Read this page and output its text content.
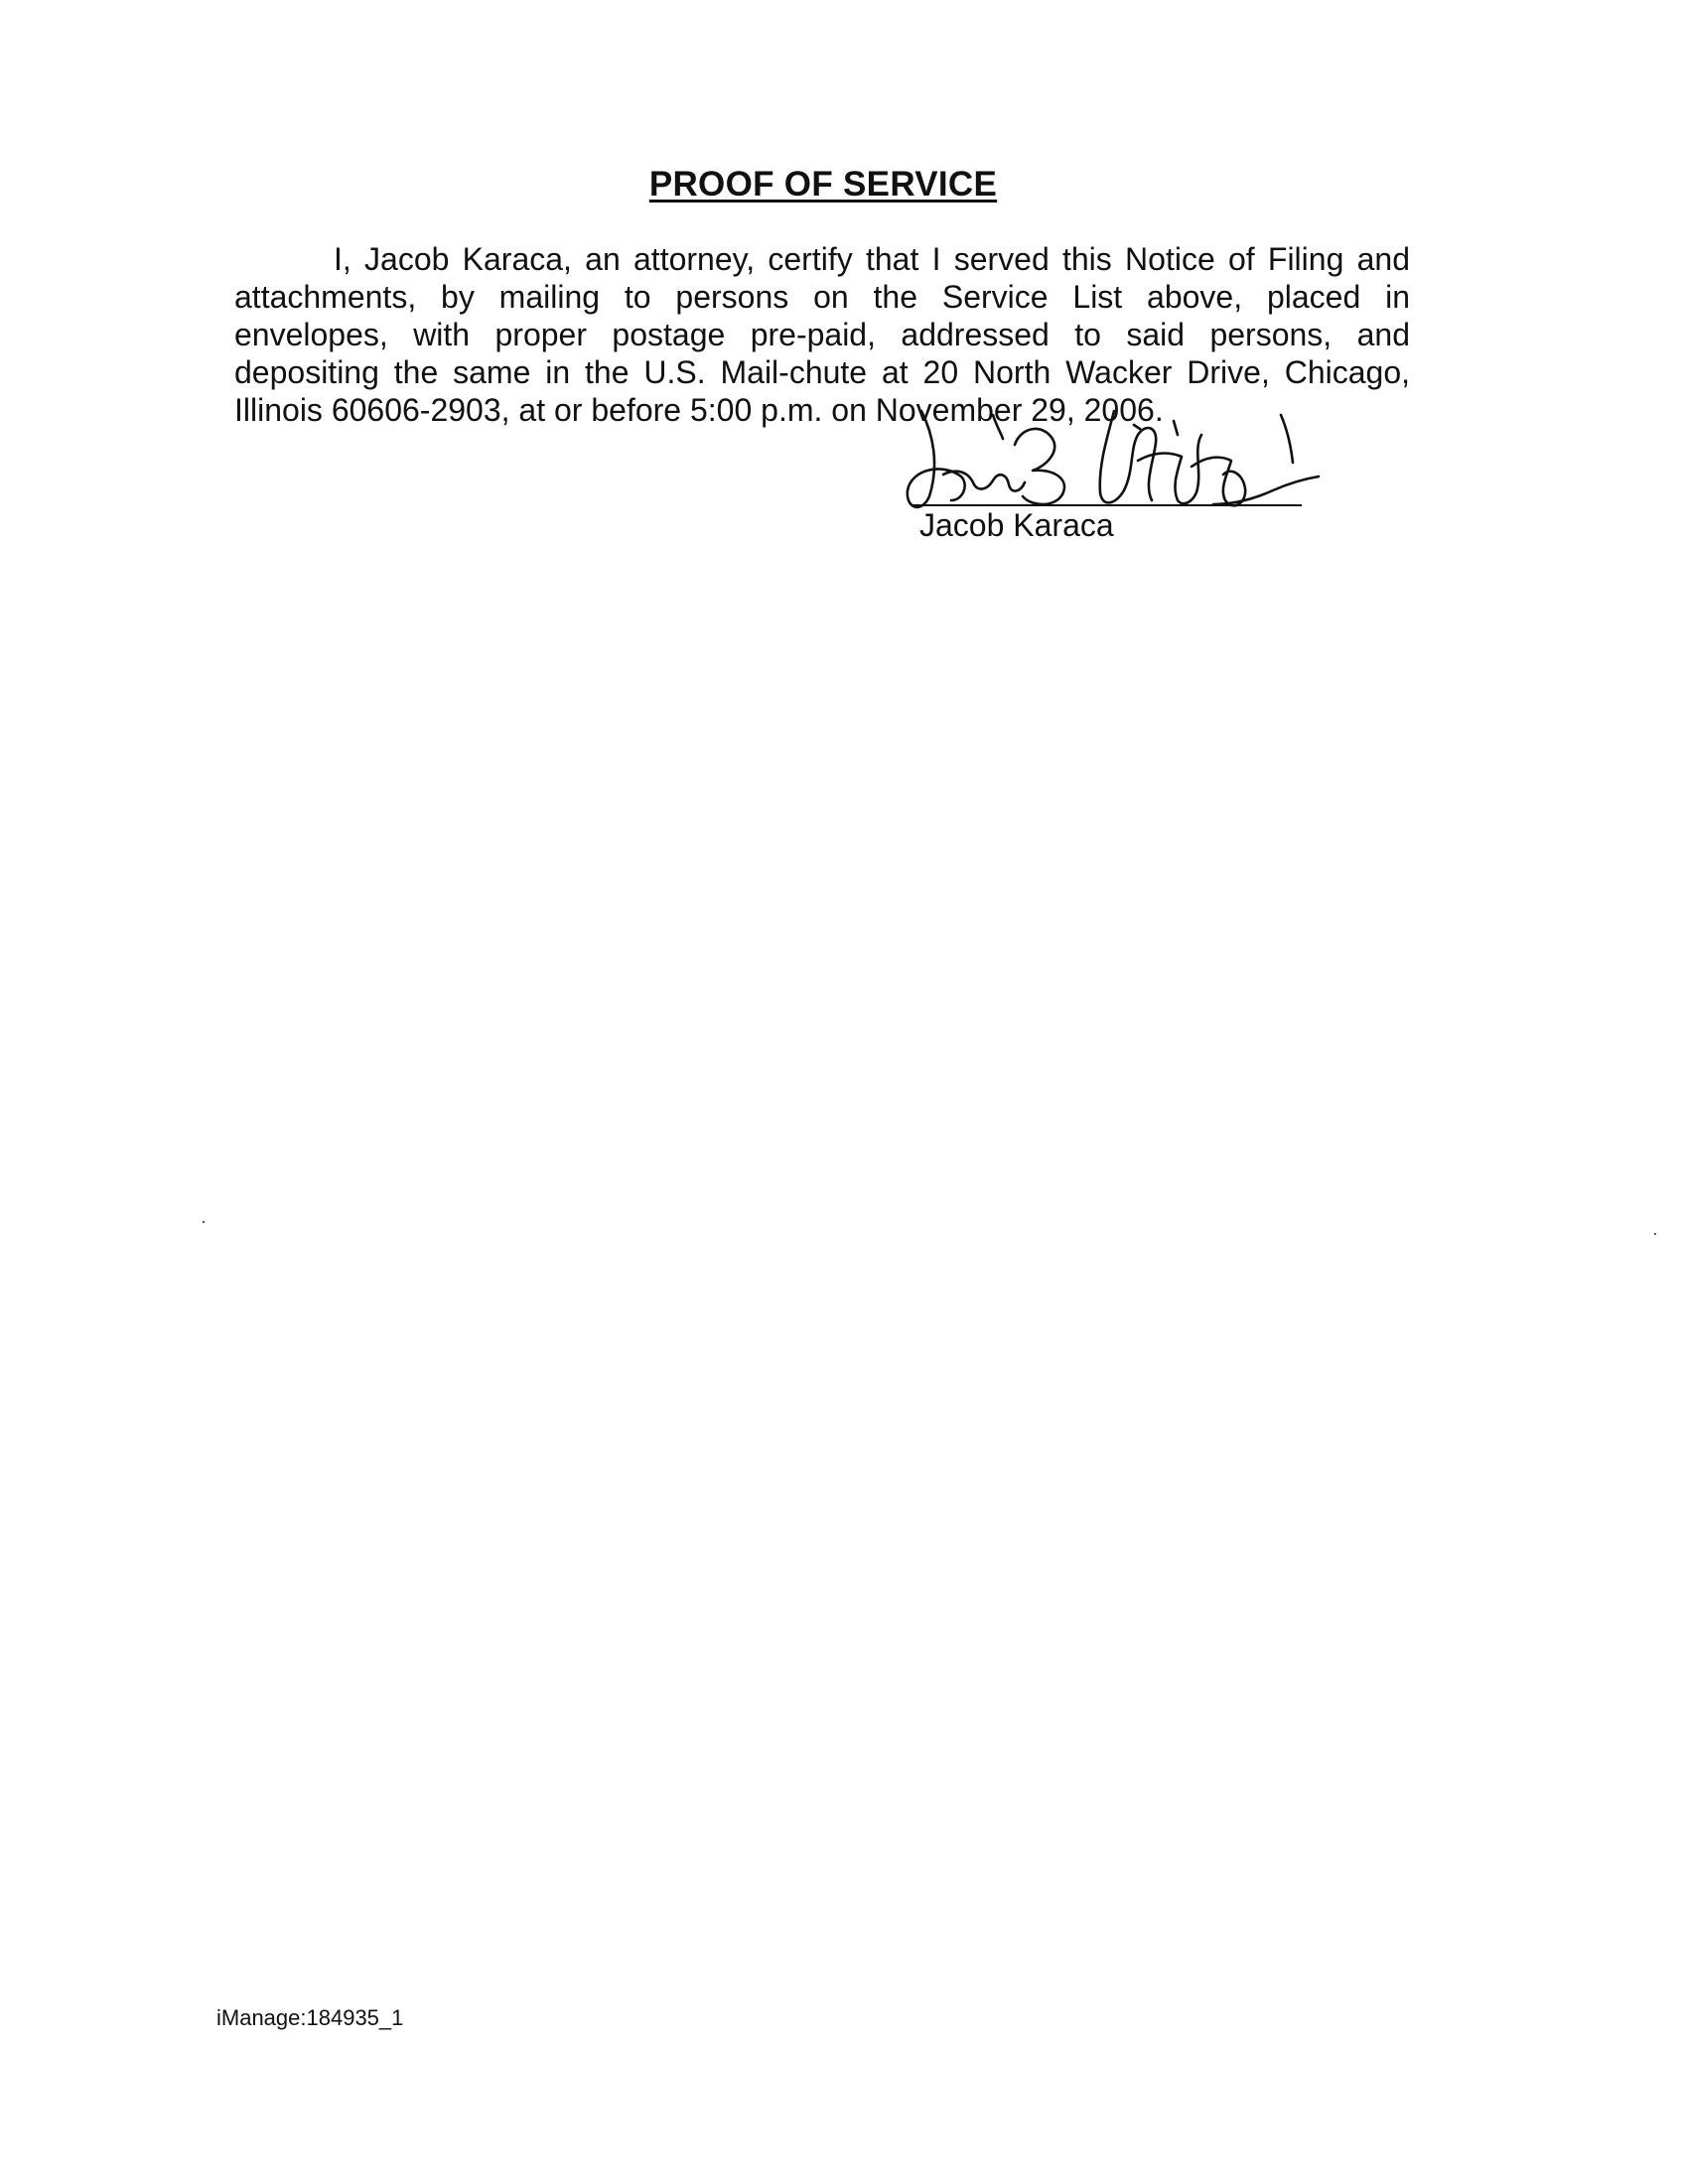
PROOF OF SERVICE
I, Jacob Karaca, an attorney, certify that I served this Notice of Filing and
attachments, by mailing to persons on the Service List above, placed in
envelopes, with proper postage pre-paid, addressed to said persons, and
depositing the same in the U.S. Mail-chute at 20 North Wacker Drive, Chicago,
Illinois 60606-2903, at or before 5:00 p.m. on November 29, 2006.
Jacob Karaca
iManage:184935_1
